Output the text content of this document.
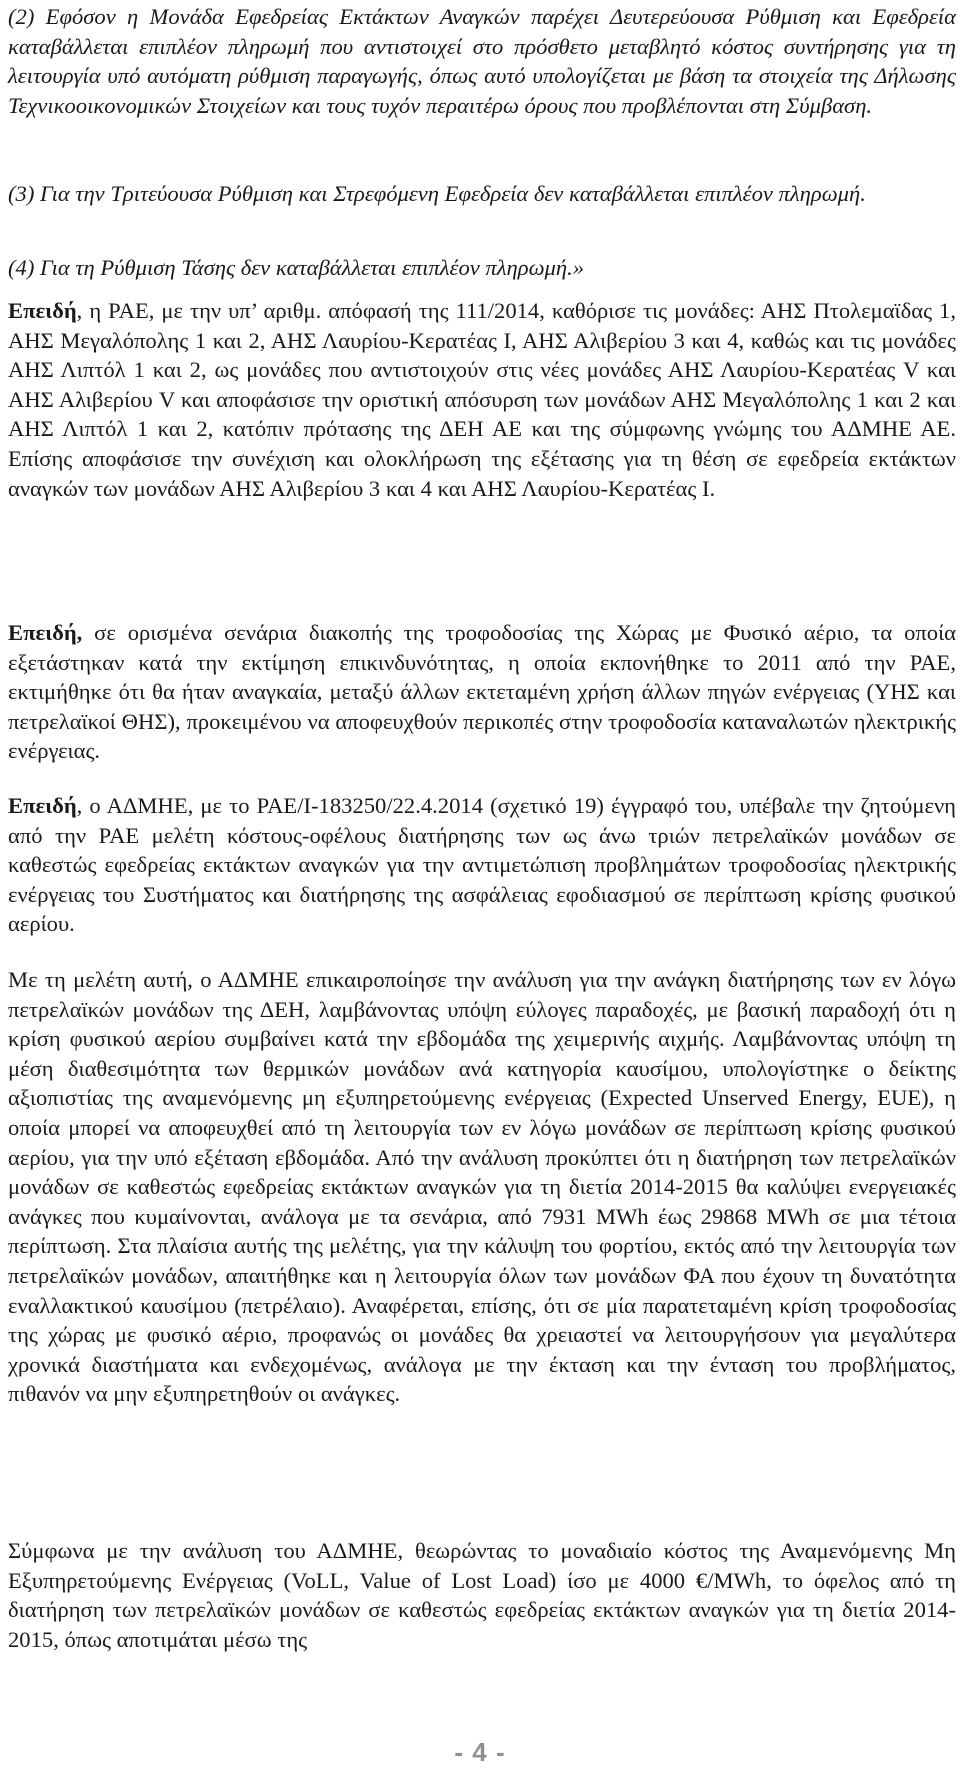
(2) Εφόσον η Μονάδα Εφεδρείας Εκτάκτων Αναγκών παρέχει Δευτερεύουσα Ρύθμιση και Εφεδρεία καταβάλλεται επιπλέον πληρωμή που αντιστοιχεί στο πρόσθετο μεταβλητό κόστος συντήρησης για τη λειτουργία υπό αυτόματη ρύθμιση παραγωγής, όπως αυτό υπολογίζεται με βάση τα στοιχεία της Δήλωσης Τεχνικοοικονομικών Στοιχείων και τους τυχόν περαιτέρω όρους που προβλέπονται στη Σύμβαση.

(3) Για την Τριτεύουσα Ρύθμιση και Στρεφόμενη Εφεδρεία δεν καταβάλλεται επιπλέον πληρωμή.

(4) Για τη Ρύθμιση Τάσης δεν καταβάλλεται επιπλέον πληρωμή.»

Επειδή, η ΡΑΕ, με την υπ’ αριθμ. απόφασή της 111/2014, καθόρισε τις μονάδες: ΑΗΣ Πτολεμαϊδας 1, ΑΗΣ Μεγαλόπολης 1 και 2, ΑΗΣ Λαυρίου-Κερατέας Ι, ΑΗΣ Αλιβερίου 3 και 4, καθώς και τις μονάδες ΑΗΣ Λιπτόλ 1 και 2, ως μονάδες που αντιστοιχούν στις νέες μονάδες ΑΗΣ Λαυρίου-Κερατέας V και ΑΗΣ Αλιβερίου V και αποφάσισε την οριστική απόσυρση των μονάδων ΑΗΣ Μεγαλόπολης 1 και 2 και ΑΗΣ Λιπτόλ 1 και 2, κατόπιν πρότασης της ΔΕΗ ΑΕ και της σύμφωνης γνώμης του ΑΔΜΗΕ ΑΕ. Επίσης αποφάσισε την συνέχιση και ολοκλήρωση της εξέτασης για τη θέση σε εφεδρεία εκτάκτων αναγκών των μονάδων ΑΗΣ Αλιβερίου 3 και 4 και ΑΗΣ Λαυρίου-Κερατέας Ι.

Επειδή, σε ορισμένα σενάρια διακοπής της τροφοδοσίας της Χώρας με Φυσικό αέριο, τα οποία εξετάστηκαν κατά την εκτίμηση επικινδυνότητας, η οποία εκπονήθηκε το 2011 από την ΡΑΕ, εκτιμήθηκε ότι θα ήταν αναγκαία, μεταξύ άλλων εκτεταμένη χρήση άλλων πηγών ενέργειας (ΥΗΣ και πετρελαϊκοί ΘΗΣ), προκειμένου να αποφευχθούν περικοπές στην τροφοδοσία καταναλωτών ηλεκτρικής ενέργειας.

Επειδή, ο ΑΔΜΗΕ, με το ΡΑΕ/Ι-183250/22.4.2014 (σχετικό 19) έγγραφό του, υπέβαλε την ζητούμενη από την ΡΑΕ μελέτη κόστους-οφέλους διατήρησης των ως άνω τριών πετρελαϊκών μονάδων σε καθεστώς εφεδρείας εκτάκτων αναγκών για την αντιμετώπιση προβλημάτων τροφοδοσίας ηλεκτρικής ενέργειας του Συστήματος και διατήρησης της ασφάλειας εφοδιασμού σε περίπτωση κρίσης φυσικού αερίου.

Με τη μελέτη αυτή, ο ΑΔΜΗΕ επικαιροποίησε την ανάλυση για την ανάγκη διατήρησης των εν λόγω πετρελαϊκών μονάδων της ΔΕΗ, λαμβάνοντας υπόψη εύλογες παραδοχές, με βασική παραδοχή ότι η κρίση φυσικού αερίου συμβαίνει κατά την εβδομάδα της χειμερινής αιχμής. Λαμβάνοντας υπόψη τη μέση διαθεσιμότητα των θερμικών μονάδων ανά κατηγορία καυσίμου, υπολογίστηκε ο δείκτης αξιοπιστίας της αναμενόμενης μη εξυπηρετούμενης ενέργειας (Expected Unserved Energy, EUE), η οποία μπορεί να αποφευχθεί από τη λειτουργία των εν λόγω μονάδων σε περίπτωση κρίσης φυσικού αερίου, για την υπό εξέταση εβδομάδα. Από την ανάλυση προκύπτει ότι η διατήρηση των πετρελαϊκών μονάδων σε καθεστώς εφεδρείας εκτάκτων αναγκών για τη διετία 2014-2015 θα καλύψει ενεργειακές ανάγκες που κυμαίνονται, ανάλογα με τα σενάρια, από 7931 MWh έως 29868 MWh σε μια τέτοια περίπτωση. Στα πλαίσια αυτής της μελέτης, για την κάλυψη του φορτίου, εκτός από την λειτουργία των πετρελαϊκών μονάδων, απαιτήθηκε και η λειτουργία όλων των μονάδων ΦΑ που έχουν τη δυνατότητα εναλλακτικού καυσίμου (πετρέλαιο). Αναφέρεται, επίσης, ότι σε μία παρατεταμένη κρίση τροφοδοσίας της χώρας με φυσικό αέριο, προφανώς οι μονάδες θα χρειαστεί να λειτουργήσουν για μεγαλύτερα χρονικά διαστήματα και ενδεχομένως, ανάλογα με την έκταση και την ένταση του προβλήματος, πιθανόν να μην εξυπηρετηθούν οι ανάγκες.

Σύμφωνα με την ανάλυση του ΑΔΜΗΕ, θεωρώντας το μοναδιαίο κόστος της Αναμενόμενης Μη Εξυπηρετούμενης Ενέργειας (VoLL, Value of Lost Load) ίσο με 4000 €/MWh, το όφελος από τη διατήρηση των πετρελαϊκών μονάδων σε καθεστώς εφεδρείας εκτάκτων αναγκών για τη διετία 2014-2015, όπως αποτιμάται μέσω της

- 4 -
